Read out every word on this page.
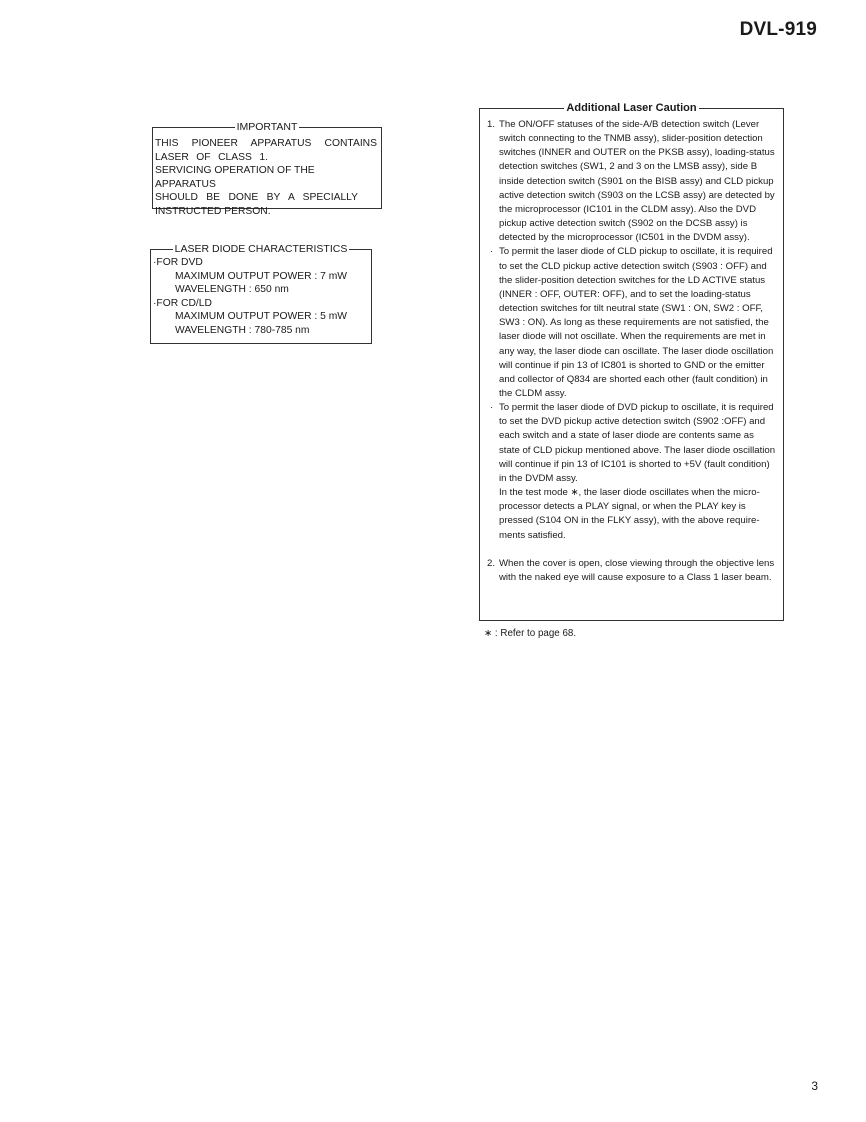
DVL-919
IMPORTANT
THIS PIONEER APPARATUS CONTAINS
LASER OF CLASS 1.
SERVICING OPERATION OF THE APPARATUS
SHOULD BE DONE BY A SPECIALLY
INSTRUCTED PERSON.
LASER DIODE CHARACTERISTICS
·FOR DVD
MAXIMUM OUTPUT POWER : 7 mW
WAVELENGTH : 650 nm
·FOR CD/LD
MAXIMUM OUTPUT POWER : 5 mW
WAVELENGTH : 780-785 nm
Additional Laser Caution
1. The ON/OFF statuses of the side-A/B detection switch (Lever switch connecting to the TNMB assy), slider-position detection switches (INNER and OUTER on the PKSB assy), loading-status detection switches (SW1, 2 and 3 on the LMSB assy), side B inside detection switch (S901 on the BISB assy) and CLD pickup active detection switch (S903 on the LCSB assy) are detected by the microprocessor (IC101 in the CLDM assy). Also the DVD pickup active detection switch (S902 on the DCSB assy) is detected by the microprocessor (IC501 in the DVDM assy).
· To permit the laser diode of CLD pickup to oscillate, it is required to set the CLD pickup active detection switch (S903 : OFF) and the slider-position detection switches for the LD ACTIVE status (INNER : OFF, OUTER: OFF), and to set the loading-status detection switches for tilt neutral state (SW1 : ON, SW2 : OFF, SW3 : ON). As long as these requirements are not satisfied, the laser diode will not oscillate. When the requirements are met in any way, the laser diode can oscillate. The laser diode oscillation will continue if pin 13 of IC801 is shorted to GND or the emitter and collector of Q834 are shorted each other (fault condition) in the CLDM assy.
· To permit the laser diode of DVD pickup to oscillate, it is required to set the DVD pickup active detection switch (S902 :OFF) and each switch and a state of laser diode are contents same as state of CLD pickup mentioned above. The laser diode oscillation will continue if pin 13 of IC101 is shorted to +5V (fault condition) in the DVDM assy.
In the test mode ∗, the laser diode oscillates when the micro-processor detects a PLAY signal, or when the PLAY key is pressed (S104 ON in the FLKY assy), with the above require-ments satisfied.
2. When the cover is open, close viewing through the objective lens with the naked eye will cause exposure to a Class 1 laser beam.
∗ : Refer to page 68.
3
